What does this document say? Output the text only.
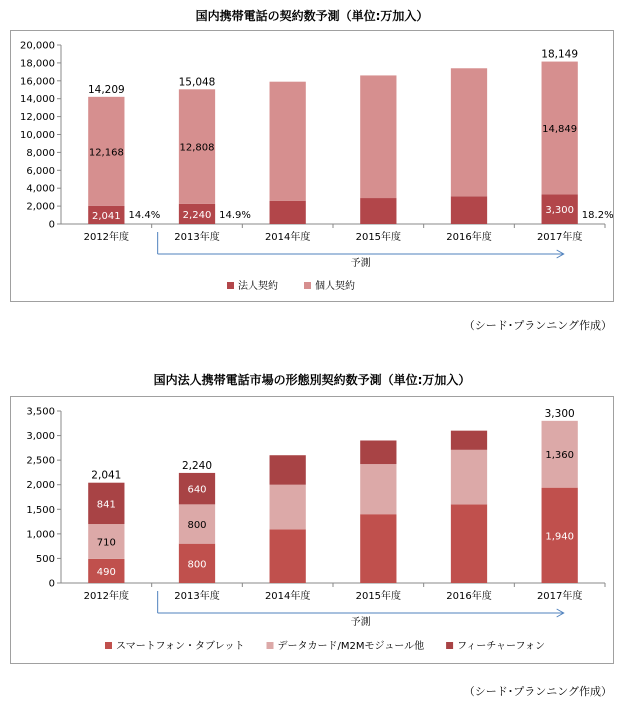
国内携帯電話の契約数予測（単位:万加入）
0
2,000
4,000
6,000
8,000
10,000
12,000
14,000
16,000
18,000
20,000
2,041
12,168
14,209
14.4%
2012年度
2,240
12,808
15,048
14.9%
2013年度	2014年度	2015年度	2016年度
3,300
14,849
18,149
18.2%
2017年度
予測
法人契約	個人契約
（シード･プランニング作成）
国内法人携帯電話市場の形態別契約数予測（単位:万加入）
0
500
1,000
1,500
2,000
2,500
3,000
3,500
490
710
841
2,041
2012年度
800
800
640
2,240
2013年度	2014年度	2015年度	2016年度
1,940
1,360
3,300
2017年度
予測
スマートフォン・タブレット	データカード/M2Mモジュール他	フィーチャーフォン
（シード･プランニング作成）
